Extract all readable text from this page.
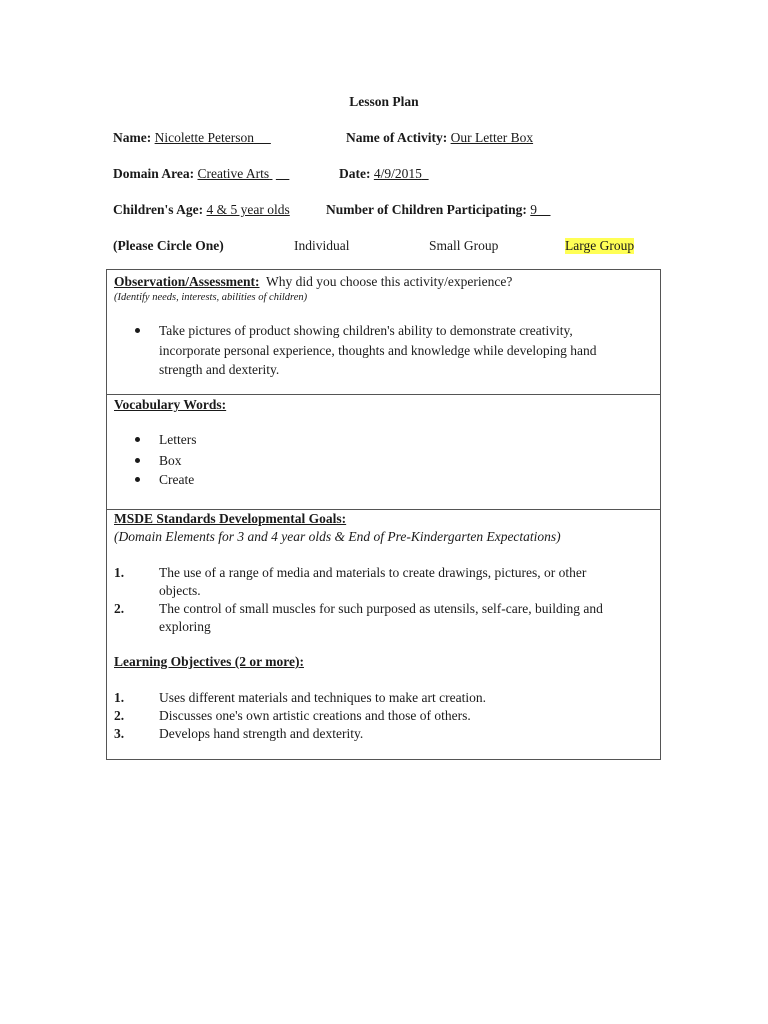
Lesson Plan
Name: Nicolette Peterson	Name of Activity: Our Letter Box
Domain Area: Creative Arts	Date: 4/9/2015
Children's Age: 4 & 5 year olds	Number of Children Participating: 9
(Please Circle One)	Individual	Small Group	Large Group
Observation/Assessment: Why did you choose this activity/experience?
(Identify needs, interests, abilities of children)
Take pictures of product showing children's ability to demonstrate creativity,
incorporate personal experience, thoughts and knowledge while developing hand
strength and dexterity.
Vocabulary Words:
Letters
Box
Create
MSDE Standards Developmental Goals:
(Domain Elements for 3 and 4 year olds & End of Pre-Kindergarten Expectations)
1.	The use of a range of media and materials to create drawings, pictures, or other
objects.
2.	The control of small muscles for such purposed as utensils, self-care, building and
exploring
Learning Objectives (2 or more):
1.	Uses different materials and techniques to make art creation.
2.	Discusses one's own artistic creations and those of others.
3.	Develops hand strength and dexterity.
